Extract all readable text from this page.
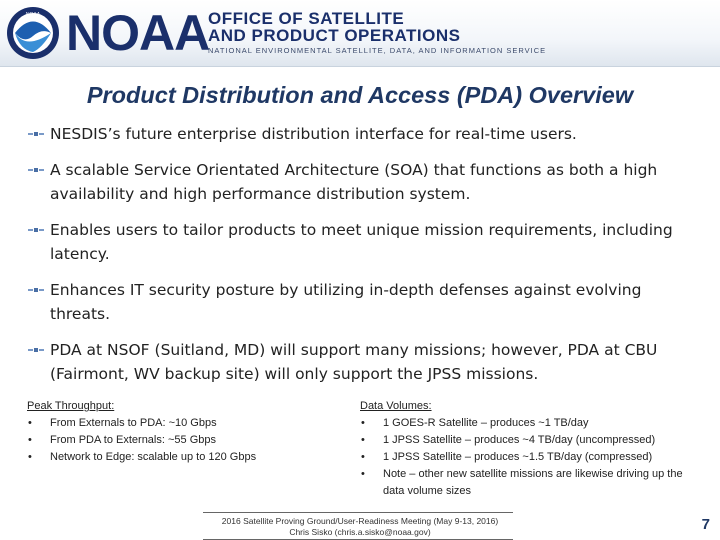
NOAA NOAA
OFFICE OF SATELLITE
AND PRODUCT OPERATIONS
NATIONAL ENVIRONMENTAL SATELLITE, DATA, AND INFORMATION SERVICE
Product Distribution and Access (PDA) Overview
NESDIS’s future enterprise distribution interface for real-time users.
A scalable Service Orientated Architecture (SOA) that functions as both a high availability and high performance distribution system.
Enables users to tailor products to meet unique mission requirements, including latency.
Enhances IT security posture by utilizing in-depth defenses against evolving threats.
PDA at NSOF (Suitland, MD) will support many missions; however, PDA at CBU (Fairmont, WV backup site) will only support the JPSS missions.
Peak Throughput:
• From Externals to PDA: ~10 Gbps
• From PDA to Externals: ~55 Gbps
• Network to Edge: scalable up to 120 Gbps
Data Volumes:
• 1 GOES-R Satellite – produces ~1 TB/day
• 1 JPSS Satellite – produces ~4 TB/day (uncompressed)
• 1 JPSS Satellite – produces ~1.5 TB/day (compressed)
• Note – other new satellite missions are likewise driving up the data volume sizes
2016 Satellite Proving Ground/User-Readiness Meeting (May 9-13, 2016)
Chris Sisko (chris.a.sisko@noaa.gov)	7
